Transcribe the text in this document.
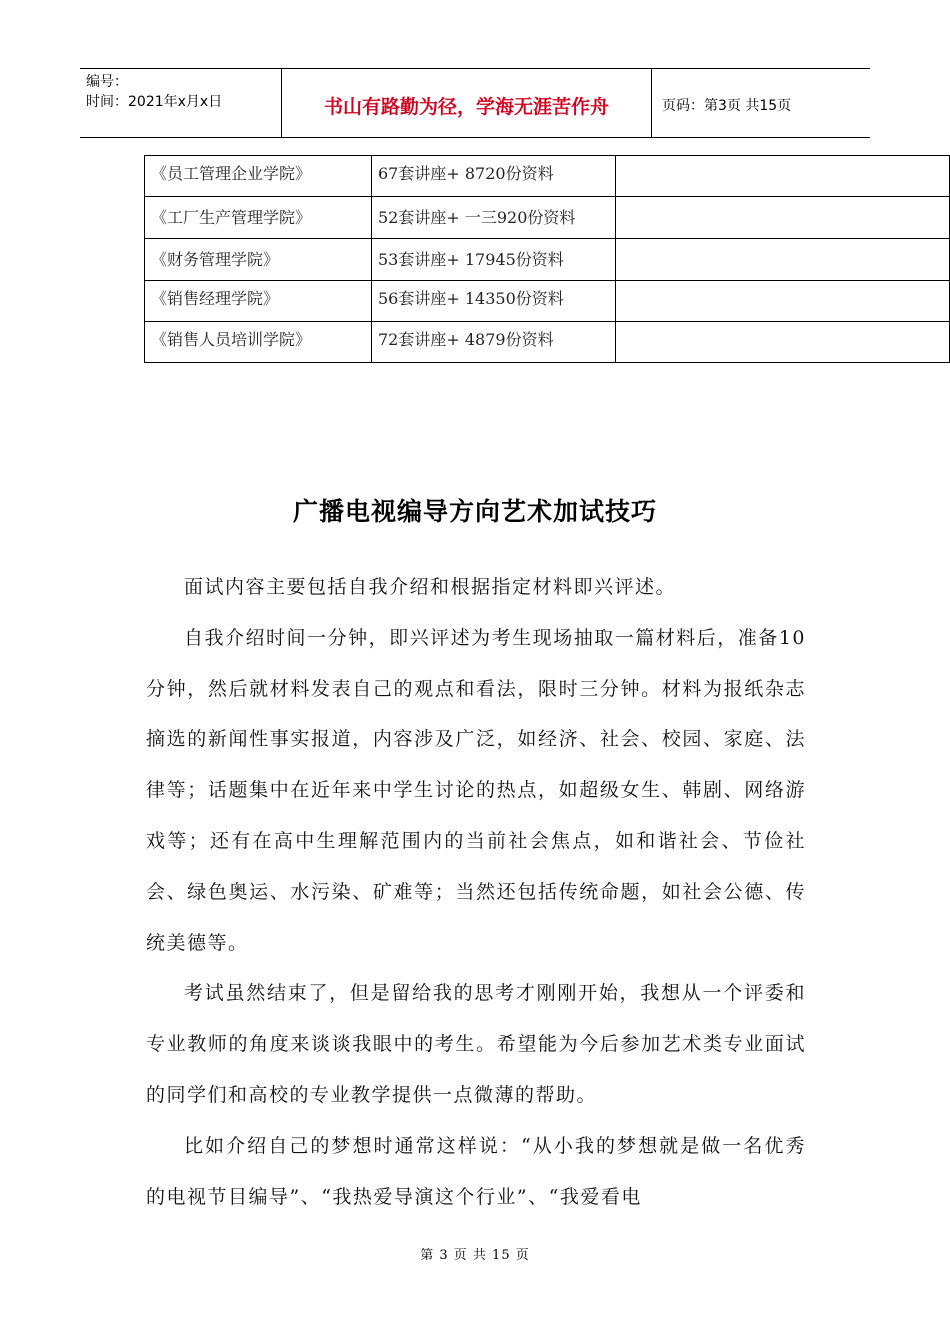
编号：
时间：2021年x月x日	书山有路勤为径，学海无涯苦作舟	页码：第3页 共15页
《员工管理企业学院》	67套讲座+ 8720份资料	
《工厂生产管理学院》	52套讲座+ 一三920份资料	
《财务管理学院》	53套讲座+ 17945份资料	
《销售经理学院》	56套讲座+ 14350份资料	
《销售人员培训学院》	72套讲座+ 4879份资料	
广播电视编导方向艺术加试技巧

面试内容主要包括自我介绍和根据指定材料即兴评述。

自我介绍时间一分钟，即兴评述为考生现场抽取一篇材料后，准备10分钟，然后就材料发表自己的观点和看法，限时三分钟。材料为报纸杂志摘选的新闻性事实报道，内容涉及广泛，如经济、社会、校园、家庭、法律等；话题集中在近年来中学生讨论的热点，如超级女生、韩剧、网络游戏等；还有在高中生理解范围内的当前社会焦点，如和谐社会、节俭社会、绿色奥运、水污染、矿难等；当然还包括传统命题，如社会公德、传统美德等。

考试虽然结束了，但是留给我的思考才刚刚开始，我想从一个评委和专业教师的角度来谈谈我眼中的考生。希望能为今后参加艺术类专业面试的同学们和高校的专业教学提供一点微薄的帮助。

比如介绍自己的梦想时通常这样说：“从小我的梦想就是做一名优秀的电视节目编导”、“我热爱导演这个行业”、“我爱看电

第 3 页 共 15 页
